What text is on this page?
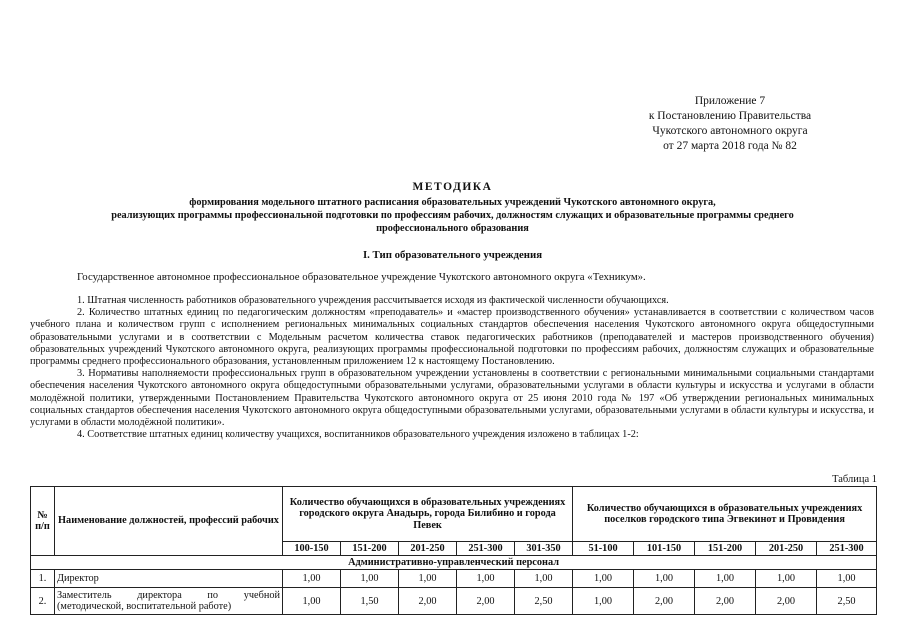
Приложение 7
к Постановлению Правительства
Чукотского автономного округа
от 27 марта 2018 года № 82
МЕТОДИКА
формирования модельного штатного расписания образовательных учреждений Чукотского автономного округа,
реализующих программы профессиональной подготовки по профессиям рабочих, должностям служащих и образовательные программы среднего
профессионального образования
I. Тип образовательного учреждения
Государственное автономное профессиональное образовательное учреждение Чукотского автономного округа «Техникум».

1. Штатная численность работников образовательного учреждения рассчитывается исходя из фактической численности обучающихся.

2. Количество штатных единиц по педагогическим должностям «преподаватель» и «мастер производственного обучения» устанавливается в соответствии с количеством часов учебного плана и количеством групп с исполнением региональных минимальных социальных стандартов обеспечения населения Чукотского автономного округа общедоступными образовательными услугами и в соответствии с Модельным расчетом количества ставок педагогических работников (преподавателей и мастеров производственного обучения) образовательных учреждений Чукотского автономного округа, реализующих программы профессиональной подготовки по профессиям рабочих, должностям служащих и образовательные программы среднего профессионального образования, установленным приложением 12 к настоящему Постановлению.

3. Нормативы наполняемости профессиональных групп в образовательном учреждении установлены в соответствии с региональными минимальными социальными стандартами обеспечения населения Чукотского автономного округа общедоступными образовательными услугами, образовательными услугами в области культуры и искусства и услугами в области молодёжной политики, утвержденными Постановлением Правительства Чукотского автономного округа от 25 июня 2010 года № 197 «Об утверждении региональных минимальных социальных стандартов обеспечения населения Чукотского автономного округа общедоступными образовательными услугами, образовательными услугами в области культуры и искусства, и услугами в области молодёжной политики».

4. Соответствие штатных единиц количеству учащихся, воспитанников образовательного учреждения изложено в таблицах 1-2:

Таблица 1
№ п/п	Наименование должностей, профессий рабочих	Количество обучающихся в образовательных учреждениях городского округа Анадырь, города Билибино и города Певек					Количество обучающихся в образовательных учреждениях поселков городского типа Эгвекинот и Провидения				
		100-150	151-200	201-250	251-300	301-350	51-100	101-150	151-200	201-250	251-300
Административно-управленческий персонал											
1.	Директор	1,00	1,00	1,00	1,00	1,00	1,00	1,00	1,00	1,00	1,00
2.	Заместитель директора по учебной (методической, воспитательной работе)	1,00	1,50	2,00	2,00	2,50	1,00	2,00	2,00	2,00	2,50
